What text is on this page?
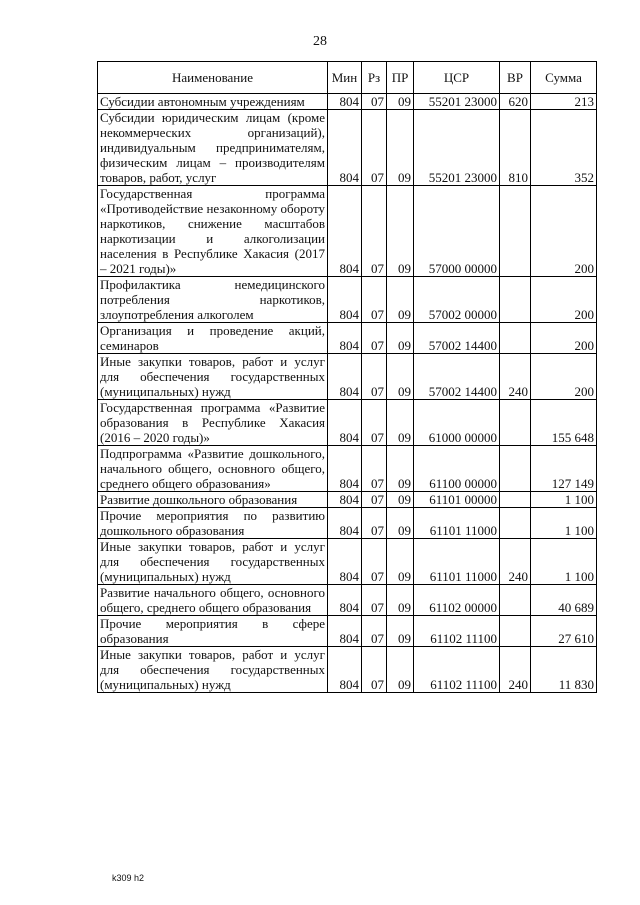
28
Наименование	Мин	Рз	ПР	ЦСР	ВР	Сумма
Субсидии автономным учреждениям	804	07	09	55201 23000	620	213
Субсидии юридическим лицам (кроме некоммерческих организаций), индивидуальным предпринимателям, физическим лицам – производителям товаров, работ, услуг	804	07	09	55201 23000	810	352
Государственная программа «Противодействие незаконному обороту наркотиков, снижение масштабов наркотизации и алкоголизации населения в Республике Хакасия (2017 – 2021 годы)»	804	07	09	57000 00000		200
Профилактика немедицинского потребления наркотиков, злоупотребления алкоголем	804	07	09	57002 00000		200
Организация и проведение акций, семинаров	804	07	09	57002 14400		200
Иные закупки товаров, работ и услуг для обеспечения государственных (муниципальных) нужд	804	07	09	57002 14400	240	200
Государственная программа «Развитие образования в Республике Хакасия (2016 – 2020 годы)»	804	07	09	61000 00000		155 648
Подпрограмма «Развитие дошкольного, начального общего, основного общего, среднего общего образования»	804	07	09	61100 00000		127 149
Развитие дошкольного образования	804	07	09	61101 00000		1 100
Прочие мероприятия по развитию дошкольного образования	804	07	09	61101 11000		1 100
Иные закупки товаров, работ и услуг для обеспечения государственных (муниципальных) нужд	804	07	09	61101 11000	240	1 100
Развитие начального общего, основного общего, среднего общего образования	804	07	09	61102 00000		40 689
Прочие мероприятия в сфере образования	804	07	09	61102 11100		27 610
Иные закупки товаров, работ и услуг для обеспечения государственных (муниципальных) нужд	804	07	09	61102 11100	240	11 830
k309 h2
